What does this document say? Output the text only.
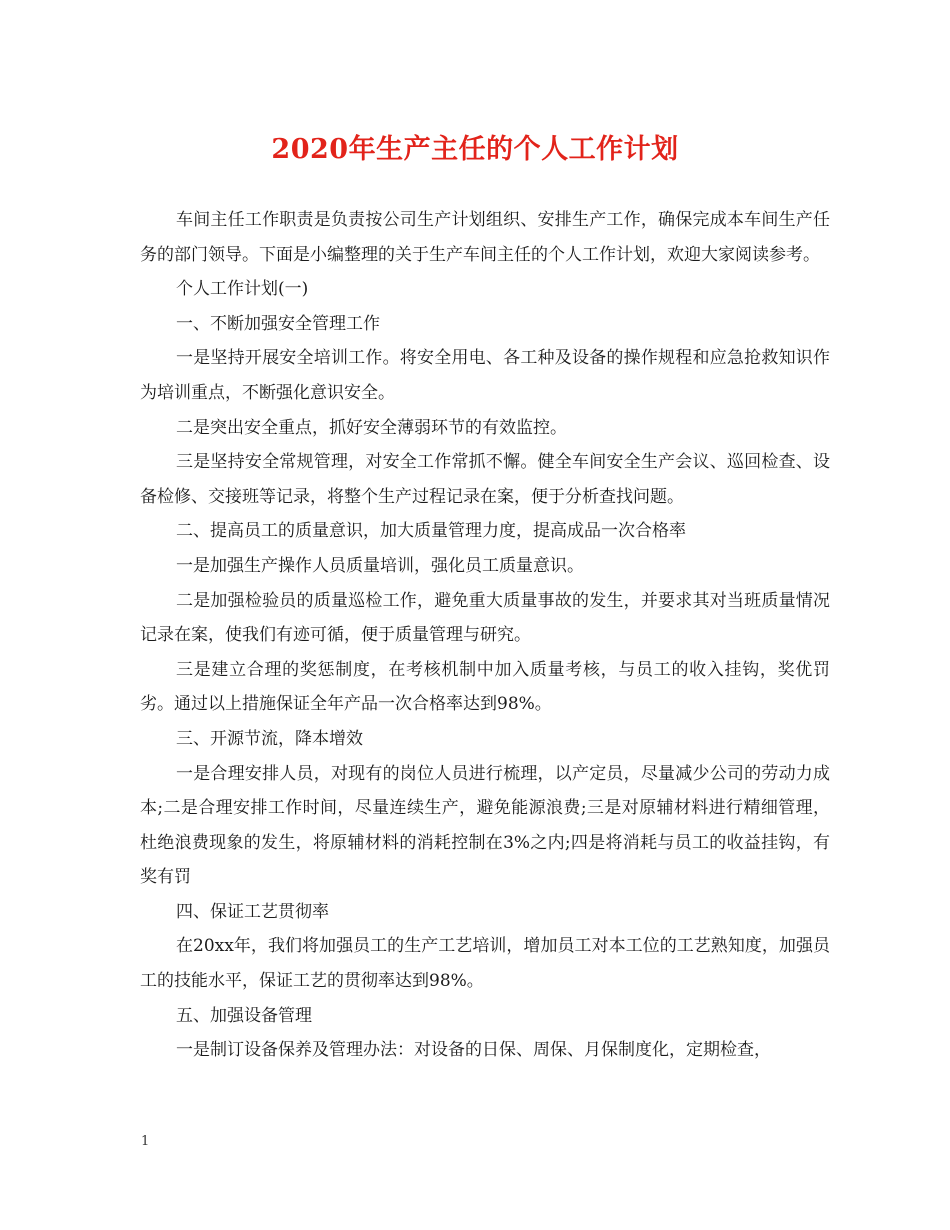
2020年生产主任的个人工作计划

车间主任工作职责是负责按公司生产计划组织、安排生产工作，确保完成本车间生产任务的部门领导。下面是小编整理的关于生产车间主任的个人工作计划，欢迎大家阅读参考。

个人工作计划(一)

一、不断加强安全管理工作

一是坚持开展安全培训工作。将安全用电、各工种及设备的操作规程和应急抢救知识作为培训重点，不断强化意识安全。

二是突出安全重点，抓好安全薄弱环节的有效监控。

三是坚持安全常规管理，对安全工作常抓不懈。健全车间安全生产会议、巡回检查、设备检修、交接班等记录，将整个生产过程记录在案，便于分析查找问题。

二、提高员工的质量意识，加大质量管理力度，提高成品一次合格率

一是加强生产操作人员质量培训，强化员工质量意识。

二是加强检验员的质量巡检工作，避免重大质量事故的发生，并要求其对当班质量情况记录在案，使我们有迹可循，便于质量管理与研究。

三是建立合理的奖惩制度，在考核机制中加入质量考核，与员工的收入挂钩，奖优罚劣。通过以上措施保证全年产品一次合格率达到98%。

三、开源节流，降本增效

一是合理安排人员，对现有的岗位人员进行梳理，以产定员，尽量减少公司的劳动力成本;二是合理安排工作时间，尽量连续生产，避免能源浪费;三是对原辅材料进行精细管理，杜绝浪费现象的发生，将原辅材料的消耗控制在3%之内;四是将消耗与员工的收益挂钩，有奖有罚

四、保证工艺贯彻率

在20xx年，我们将加强员工的生产工艺培训，增加员工对本工位的工艺熟知度，加强员工的技能水平，保证工艺的贯彻率达到98%。

五、加强设备管理

一是制订设备保养及管理办法：对设备的日保、周保、月保制度化，定期检查，

1
